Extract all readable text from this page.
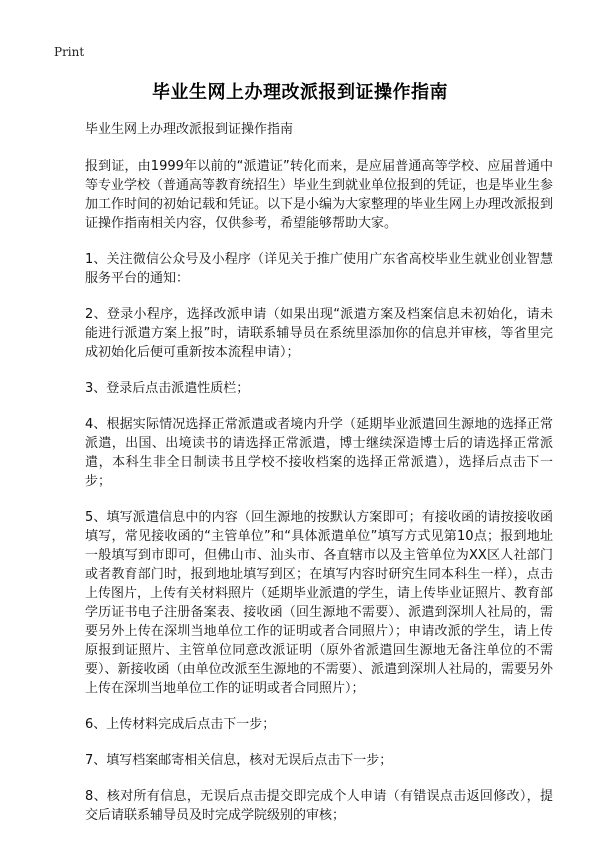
Print
毕业生网上办理改派报到证操作指南

毕业生网上办理改派报到证操作指南

报到证，由1999年以前的“派遣证”转化而来，是应届普通高等学校、应届普通中等专业学校（普通高等教育统招生）毕业生到就业单位报到的凭证，也是毕业生参加工作时间的初始记载和凭证。以下是小编为大家整理的毕业生网上办理改派报到证操作指南相关内容，仅供参考，希望能够帮助大家。

1、关注微信公众号及小程序（详见关于推广使用广东省高校毕业生就业创业智慧服务平台的通知：

2、登录小程序，选择改派申请（如果出现“派遣方案及档案信息未初始化，请未能进行派遣方案上报”时，请联系辅导员在系统里添加你的信息并审核，等省里完成初始化后便可重新按本流程申请）；

3、登录后点击派遣性质栏；

4、根据实际情况选择正常派遣或者境内升学（延期毕业派遣回生源地的选择正常派遣，出国、出境读书的请选择正常派遣，博士继续深造博士后的请选择正常派遣，本科生非全日制读书且学校不接收档案的选择正常派遣），选择后点击下一步；

5、填写派遣信息中的内容（回生源地的按默认方案即可；有接收函的请按接收函填写，常见接收函的“主管单位”和“具体派遣单位”填写方式见第10点；报到地址一般填写到市即可，但佛山市、汕头市、各直辖市以及主管单位为XX区人社部门或者教育部门时，报到地址填写到区；在填写内容时研究生同本科生一样），点击上传图片，上传有关材料照片（延期毕业派遣的学生，请上传毕业证照片、教育部学历证书电子注册备案表、接收函（回生源地不需要）、派遣到深圳人社局的，需要另外上传在深圳当地单位工作的证明或者合同照片）；申请改派的学生，请上传原报到证照片、主管单位同意改派证明（原外省派遣回生源地无备注单位的不需要）、新接收函（由单位改派至生源地的不需要）、派遣到深圳人社局的，需要另外上传在深圳当地单位工作的证明或者合同照片）；

6、上传材料完成后点击下一步；

7、填写档案邮寄相关信息，核对无误后点击下一步；

8、核对所有信息，无误后点击提交即完成个人申请（有错误点击返回修改），提交后请联系辅导员及时完成学院级别的审核；
